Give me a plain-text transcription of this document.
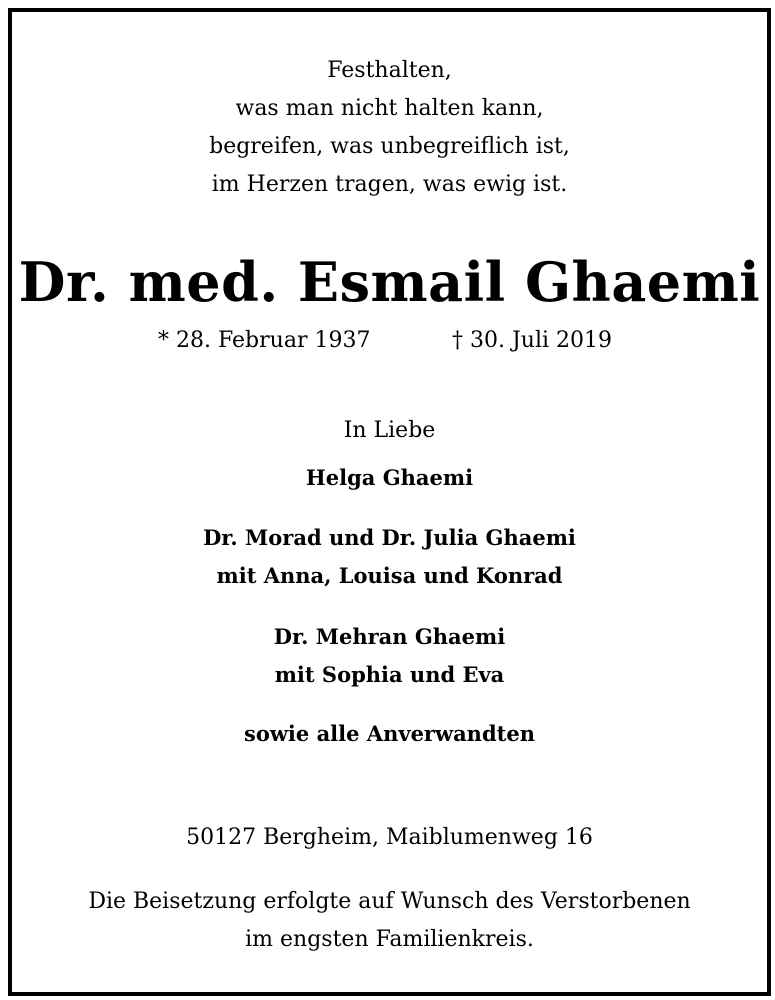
Festhalten,
was man nicht halten kann,
begreifen, was unbegreiflich ist,
im Herzen tragen, was ewig ist.
Dr. med. Esmail Ghaemi
* 28. Februar 1937	† 30. Juli 2019
In Liebe
Helga Ghaemi
Dr. Morad und Dr. Julia Ghaemi
mit Anna, Louisa und Konrad
Dr. Mehran Ghaemi
mit Sophia und Eva
sowie alle Anverwandten
50127 Bergheim, Maiblumenweg 16
Die Beisetzung erfolgte auf Wunsch des Verstorbenen
im engsten Familienkreis.
